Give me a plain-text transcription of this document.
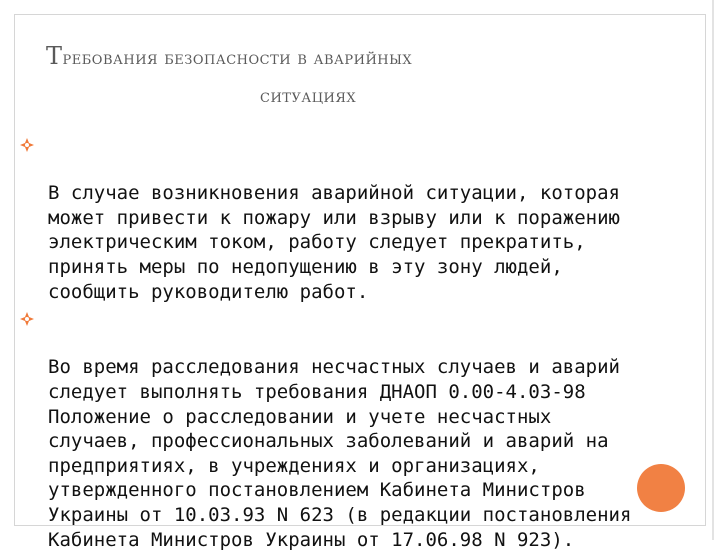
Требования безопасности в аварийных
ситуациях

В случае возникновения аварийной ситуации, которая
может привести к пожару или взрыву или к поражению
электрическим током, работу следует прекратить,
принять меры по недопущению в эту зону людей,
сообщить руководителю работ.

Во время расследования несчастных случаев и аварий
следует выполнять требования ДНАОП 0.00-4.03-98
Положение о расследовании и учете несчастных
случаев, профессиональных заболеваний и аварий на
предприятиях, в учреждениях и организациях,
утвержденного постановлением Кабинета Министров
Украины от 10.03.93 N 623 (в редакции постановления
Кабинета Министров Украины от 17.06.98 N 923).
